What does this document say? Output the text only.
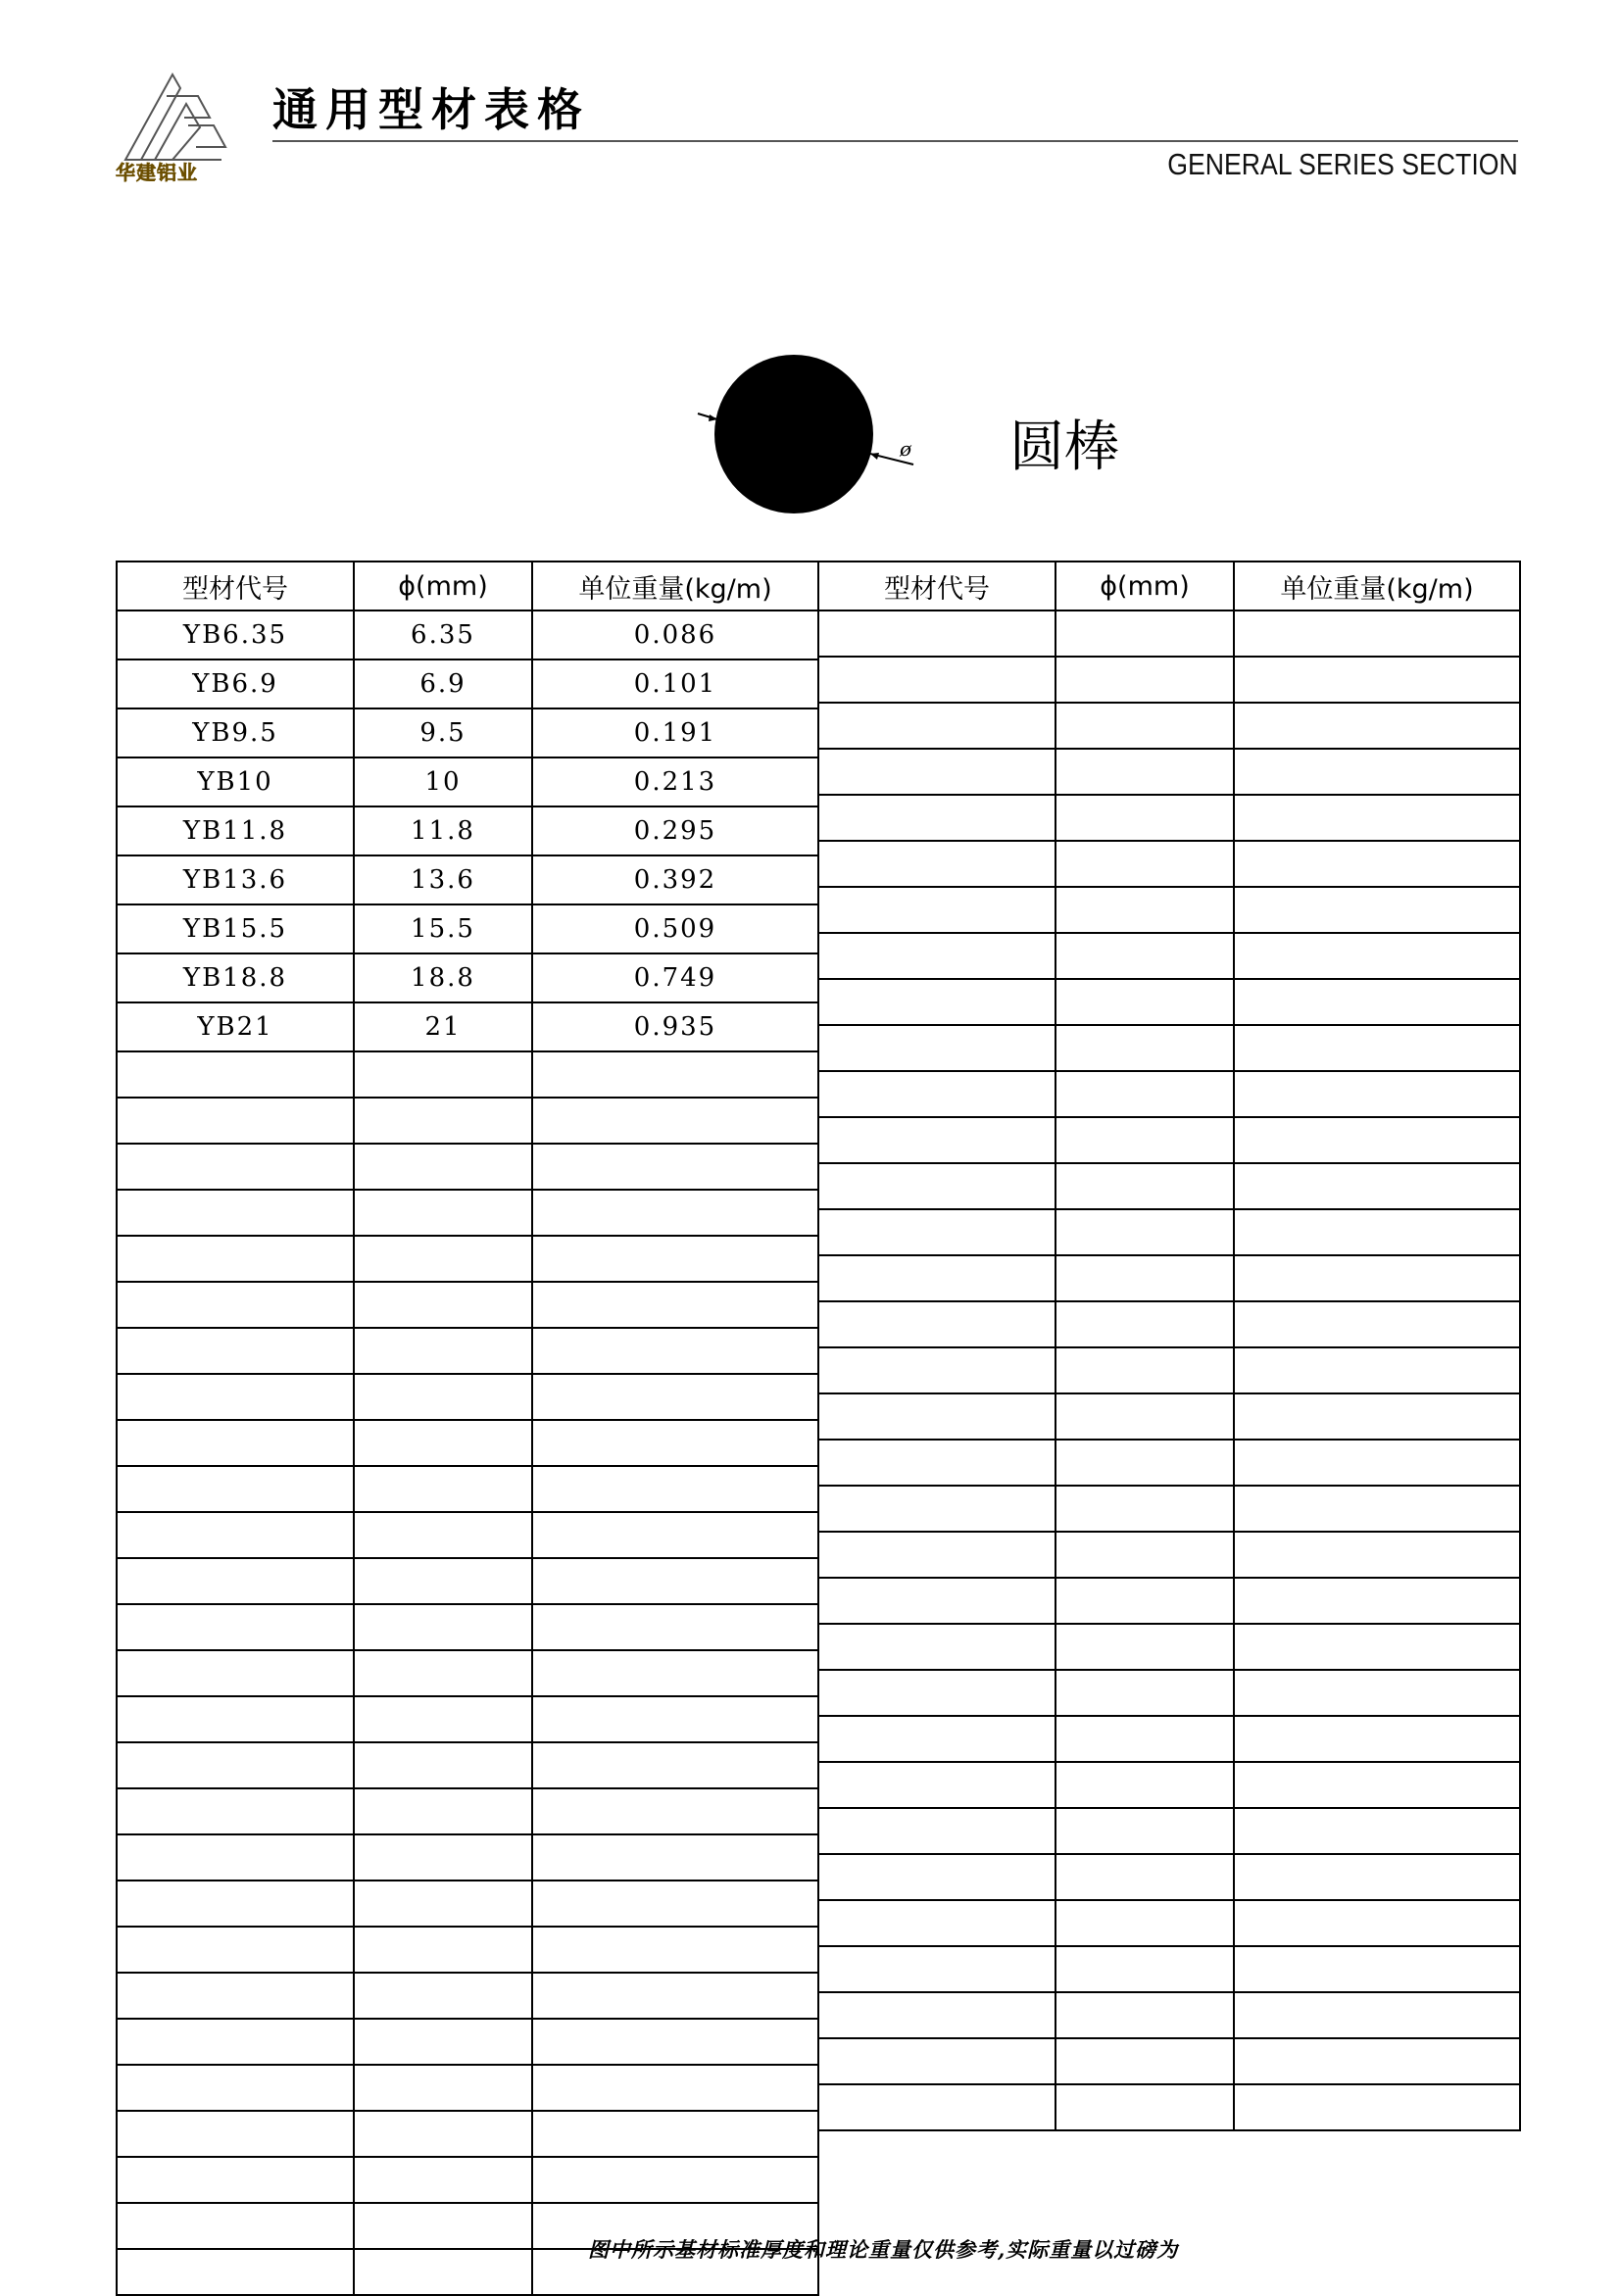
华建铝业
通用型材表格
GENERAL SERIES SECTION
ø 圆棒
型材代号	ϕ(mm)	单位重量(kg/m)
YB6.35	6.35	0.086
YB6.9	6.9	0.101
YB9.5	9.5	0.191
YB10	10	0.213
YB11.8	11.8	0.295
YB13.6	13.6	0.392
YB15.5	15.5	0.509
YB18.8	18.8	0.749
YB21	21	0.935

型材代号	ϕ(mm)	单位重量(kg/m)

图中所示基材标准厚度和理论重量仅供参考,实际重量以过磅为
